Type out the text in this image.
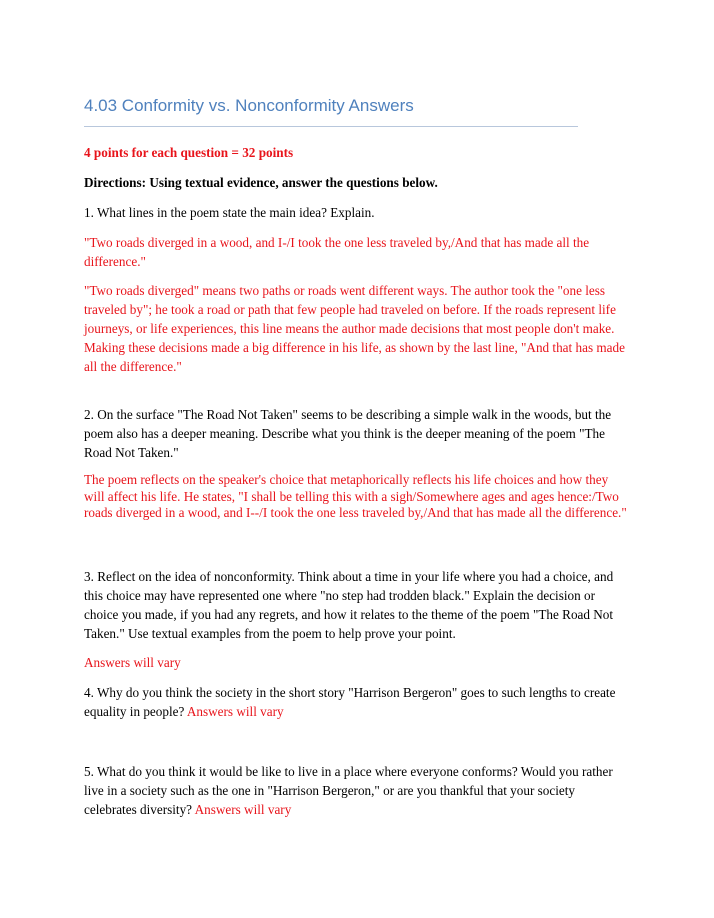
4.03 Conformity vs. Nonconformity Answers

4 points for each question = 32 points

Directions: Using textual evidence, answer the questions below.

1. What lines in the poem state the main idea? Explain.

"Two roads diverged in a wood, and I-/I took the one less traveled by,/And that has made all the difference."

"Two roads diverged" means two paths or roads went different ways. The author took the "one less traveled by"; he took a road or path that few people had traveled on before. If the roads represent life journeys, or life experiences, this line means the author made decisions that most people don't make. Making these decisions made a big difference in his life, as shown by the last line, "And that has made all the difference."

2. On the surface "The Road Not Taken" seems to be describing a simple walk in the woods, but the poem also has a deeper meaning. Describe what you think is the deeper meaning of the poem "The Road Not Taken."

The poem reflects on the speaker's choice that metaphorically reflects his life choices and how they will affect his life. He states, "I shall be telling this with a sigh/Somewhere ages and ages hence:/Two roads diverged in a wood, and I--/I took the one less traveled by,/And that has made all the difference."

3. Reflect on the idea of nonconformity. Think about a time in your life where you had a choice, and this choice may have represented one where "no step had trodden black." Explain the decision or choice you made, if you had any regrets, and how it relates to the theme of the poem "The Road Not Taken." Use textual examples from the poem to help prove your point.

Answers will vary

4. Why do you think the society in the short story "Harrison Bergeron" goes to such lengths to create equality in people? Answers will vary

5. What do you think it would be like to live in a place where everyone conforms? Would you rather live in a society such as the one in "Harrison Bergeron," or are you thankful that your society celebrates diversity? Answers will vary
